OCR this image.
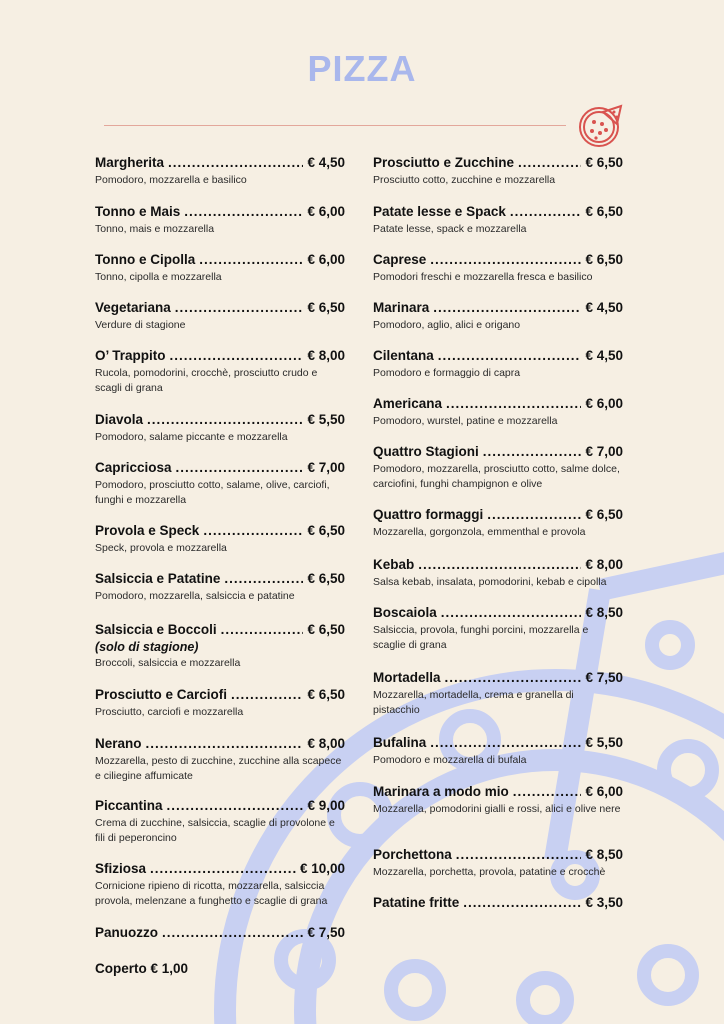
PIZZA
Margherita .....	€ 4,50
Pomodoro, mozzarella e basilico
Tonno e Mais .....	€ 6,00
Tonno, mais e mozzarella
Tonno e Cipolla .....	€ 6,00
Tonno, cipolla e mozzarella
Vegetariana .....	€ 6,50
Verdure di stagione
O’ Trappito .....	€ 8,00
Rucola, pomodorini, crocchè, prosciutto crudo e scagli di grana
Diavola .....	€ 5,50
Pomodoro, salame piccante e mozzarella
Capricciosa .....	€ 7,00
Pomodoro, prosciutto cotto, salame, olive, carciofi, funghi e mozzarella
Provola e Speck .....	€ 6,50
Speck, provola e mozzarella
Salsiccia e Patatine .....	€ 6,50
Pomodoro, mozzarella, salsiccia e patatine
Salsiccia e Boccoli .....	€ 6,50
(solo di stagione)
Broccoli, salsiccia e mozzarella
Prosciutto e Carciofi .....	€ 6,50
Prosciutto, carciofi e mozzarella
Nerano .....	€ 8,00
Mozzarella, pesto di zucchine, zucchine alla scapece e ciliegine affumicate
Piccantina .....	€ 9,00
Crema di zucchine, salsiccia, scaglie di provolone e fili di peperoncino
Sfiziosa .....	€ 10,00
Cornicione ripieno di ricotta, mozzarella, salsiccia provola, melenzane a funghetto e scaglie di grana
Panuozzo .....	€ 7,50
Coperto € 1,00
Prosciutto e Zucchine .....	€ 6,50
Prosciutto cotto, zucchine e mozzarella
Patate lesse e Spack .....	€ 6,50
Patate lesse, spack e mozzarella
Caprese .....	€ 6,50
Pomodori freschi e mozzarella fresca e basilico
Marinara .....	€ 4,50
Pomodoro, aglio, alici e origano
Cilentana .....	€ 4,50
Pomodoro e formaggio di capra
Americana .....	€ 6,00
Pomodoro, wurstel, patine e mozzarella
Quattro Stagioni .....	€ 7,00
Pomodoro, mozzarella, prosciutto cotto, salme dolce, carciofini, funghi champignon e olive
Quattro formaggi .....	€ 6,50
Mozzarella, gorgonzola, emmenthal e provola
Kebab .....	€ 8,00
Salsa kebab, insalata, pomodorini, kebab e cipolla
Boscaiola .....	€ 8,50
Salsiccia, provola, funghi porcini, mozzarella e scaglie di grana
Mortadella .....	€ 7,50
Mozzarella, mortadella, crema e granella di pistacchio
Bufalina .....	€ 5,50
Pomodoro e mozzarella di bufala
Marinara a modo mio .....	€ 6,00
Mozzarella, pomodorini gialli e rossi, alici e olive nere
Porchettona .....	€ 8,50
Mozzarella, porchetta, provola, patatine e crocchè
Patatine fritte .....	€ 3,50
